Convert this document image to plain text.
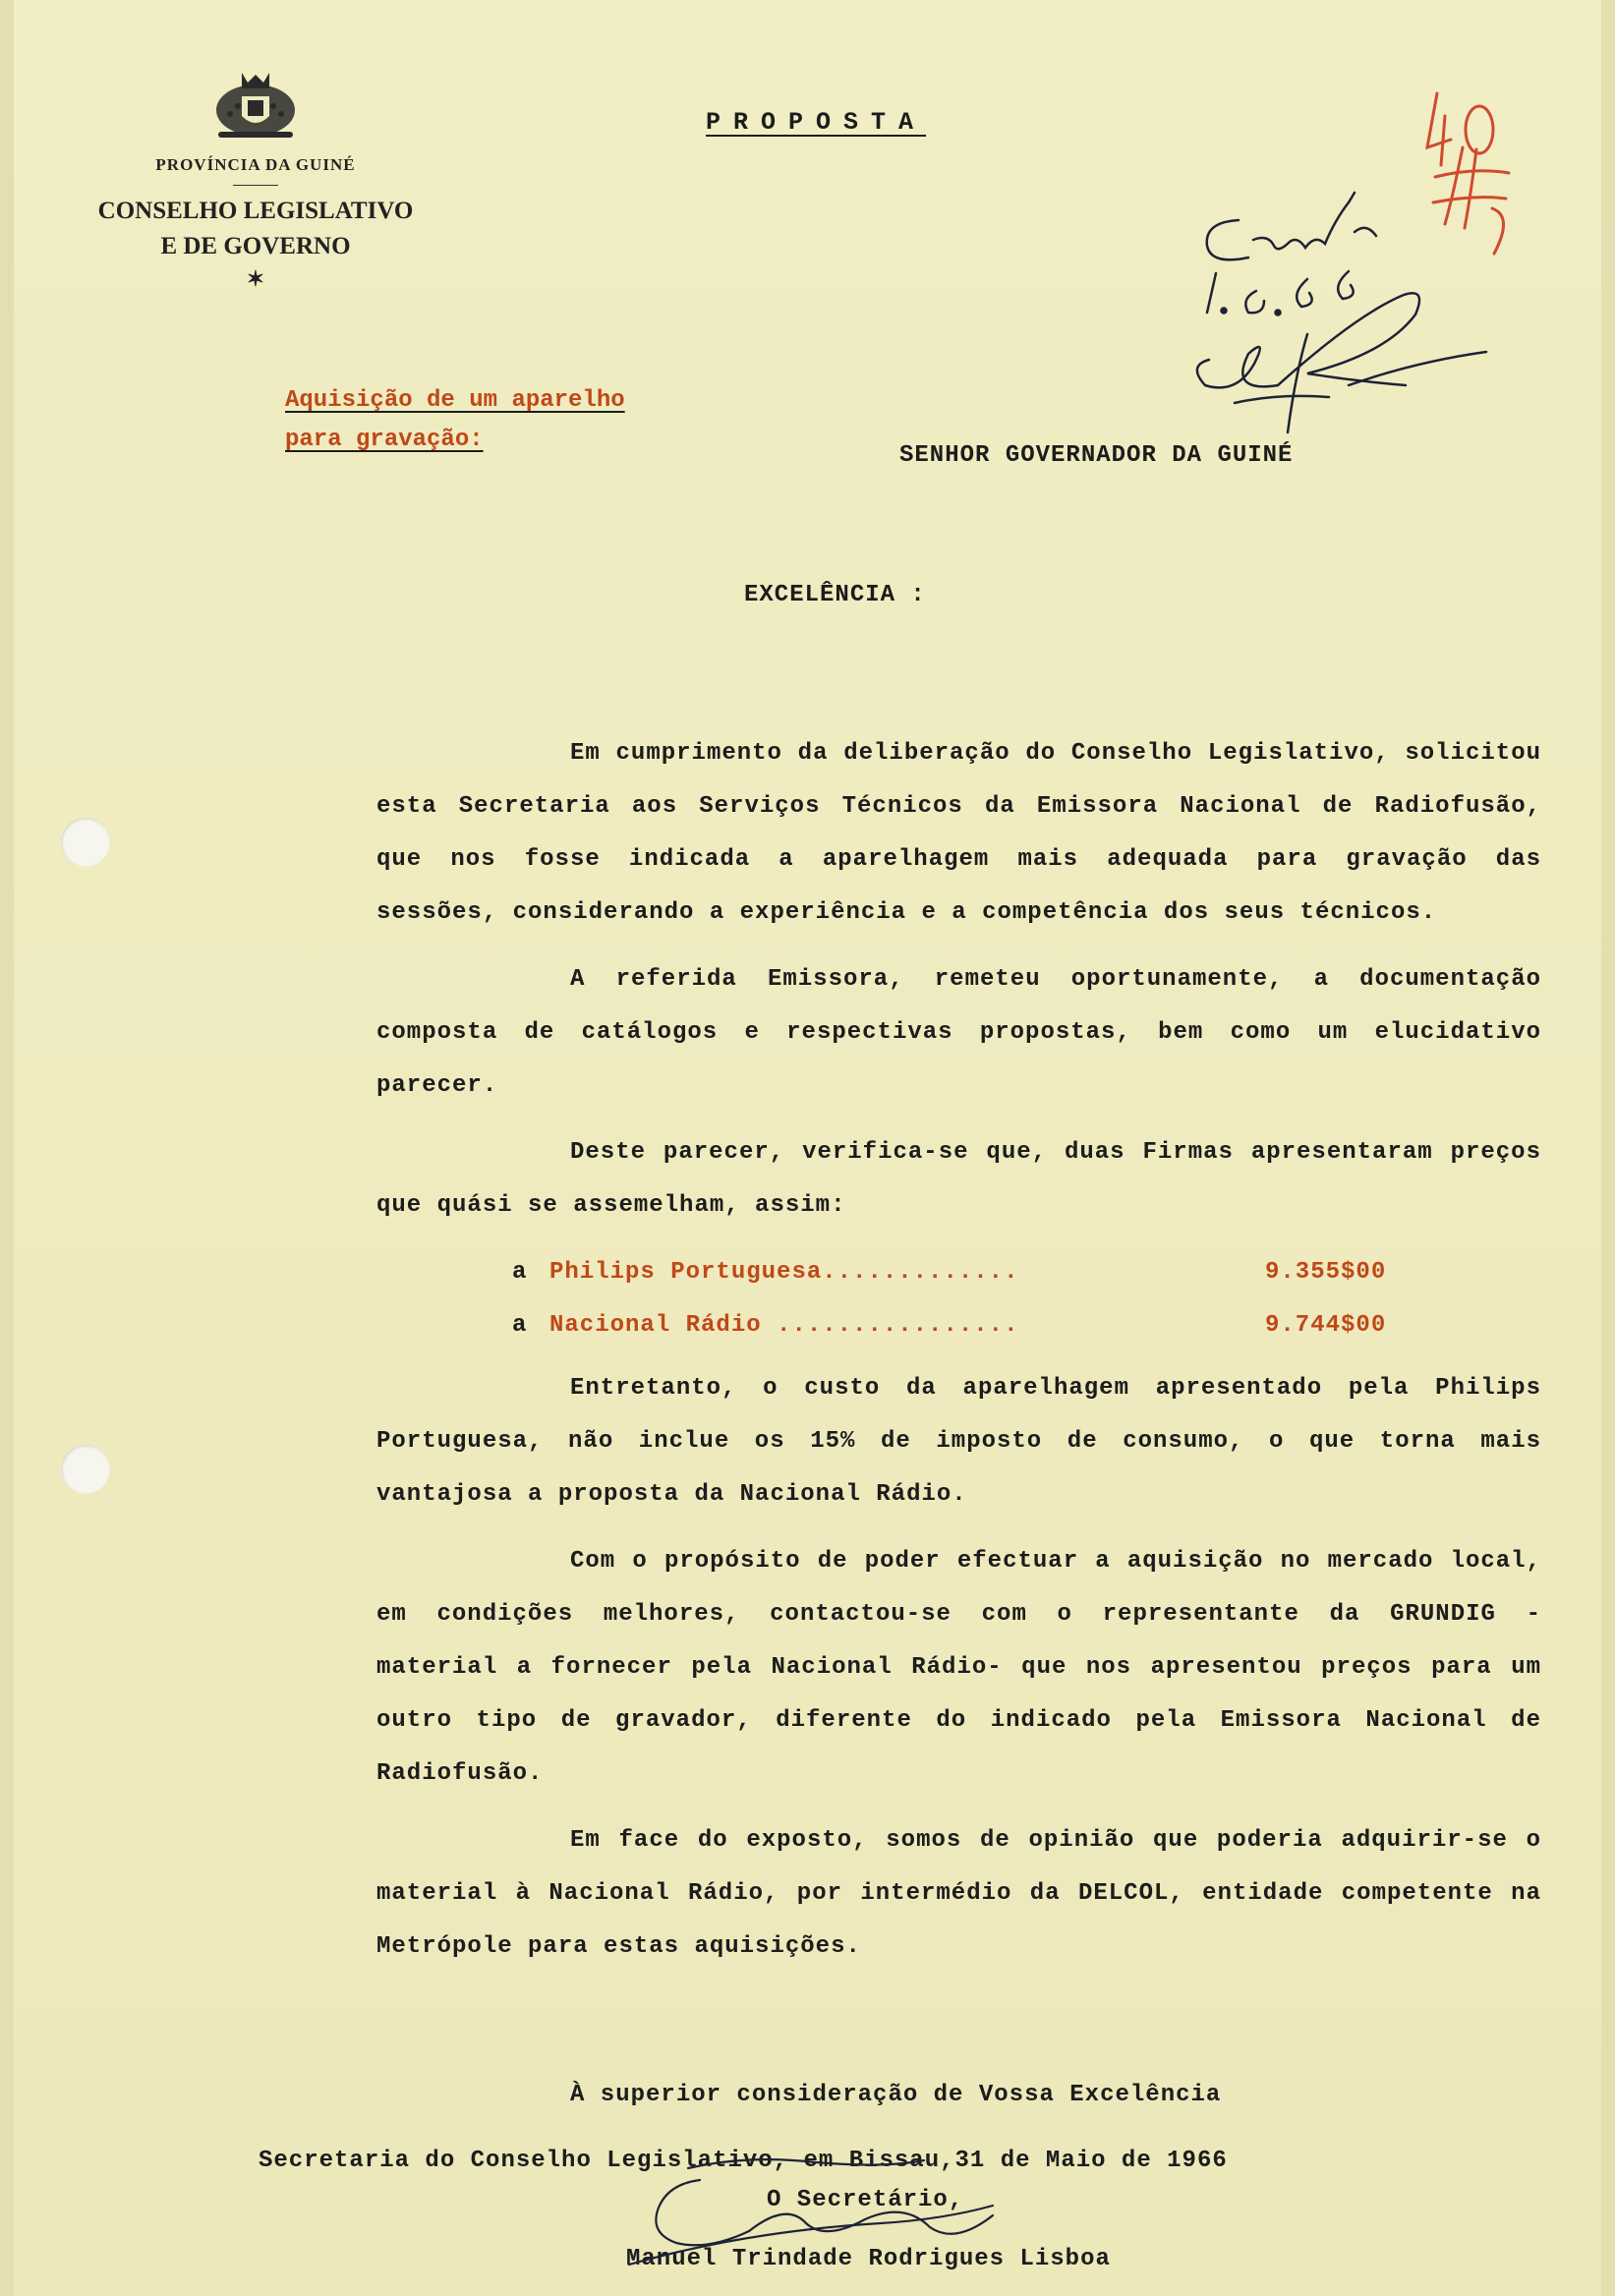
PROVÍNCIA DA GUINÉ
CONSELHO LEGISLATIVO
E DE GOVERNO
✶
PROPOSTA
Aquisição de um aparelho
para gravação:
SENHOR GOVERNADOR DA GUINÉ
EXCELÊNCIA :

Em cumprimento da deliberação do Conselho Legislativo, solicitou esta Secretaria aos Serviços Técnicos da Emissora Nacional de Radiofusão, que nos fosse indicada a aparelhagem mais adequada para gravação das sessões, considerando a experiência e a competência dos seus técnicos.

A referida Emissora, remeteu oportunamente, a documentação composta de catálogos e respectivas propostas, bem como um elucidativo parecer.

Deste parecer, verifica-se que, duas Firmas apresentaram preços que quási se assemelham, assim:

a Philips Portuguesa.............	9.355$00
a Nacional Rádio ................	9.744$00

Entretanto, o custo da aparelhagem apresentado pela Philips Portuguesa, não inclue os 15% de imposto de consumo, o que torna mais vantajosa a proposta da Nacional Rádio.

Com o propósito de poder efectuar a aquisição no mercado local, em condições melhores, contactou-se com o representante da GRUNDIG - material a fornecer pela Nacional Rádio- que nos apresentou preços para um outro tipo de gravador, diferente do indicado pela Emissora Nacional de Radiofusão.

Em face do exposto, somos de opinião que poderia adquirir-se o material à Nacional Rádio, por intermédio da DELCOL, entidade competente na Metrópole para estas aquisições.

À superior consideração de Vossa Excelência
Secretaria do Conselho Legislativo, em Bissau,31 de Maio de 1966
O Secretário,
Manuel Trindade Rodrigues Lisboa
